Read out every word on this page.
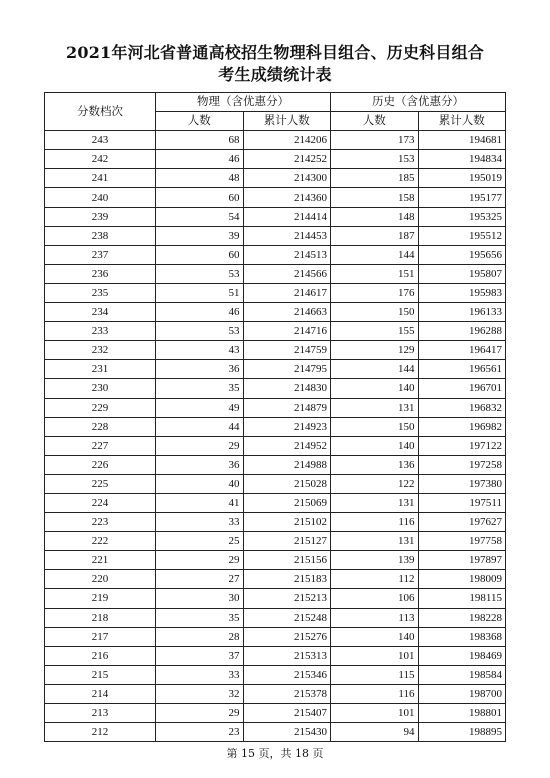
2021年河北省普通高校招生物理科目组合、历史科目组合
考生成绩统计表
分数档次	物理（含优惠分）		历史（含优惠分）	
	人数	累计人数	人数	累计人数
243	68	214206	173	194681
242	46	214252	153	194834
241	48	214300	185	195019
240	60	214360	158	195177
239	54	214414	148	195325
238	39	214453	187	195512
237	60	214513	144	195656
236	53	214566	151	195807
235	51	214617	176	195983
234	46	214663	150	196133
233	53	214716	155	196288
232	43	214759	129	196417
231	36	214795	144	196561
230	35	214830	140	196701
229	49	214879	131	196832
228	44	214923	150	196982
227	29	214952	140	197122
226	36	214988	136	197258
225	40	215028	122	197380
224	41	215069	131	197511
223	33	215102	116	197627
222	25	215127	131	197758
221	29	215156	139	197897
220	27	215183	112	198009
219	30	215213	106	198115
218	35	215248	113	198228
217	28	215276	140	198368
216	37	215313	101	198469
215	33	215346	115	198584
214	32	215378	116	198700
213	29	215407	101	198801
212	23	215430	94	198895
第 15 页，共 18 页
